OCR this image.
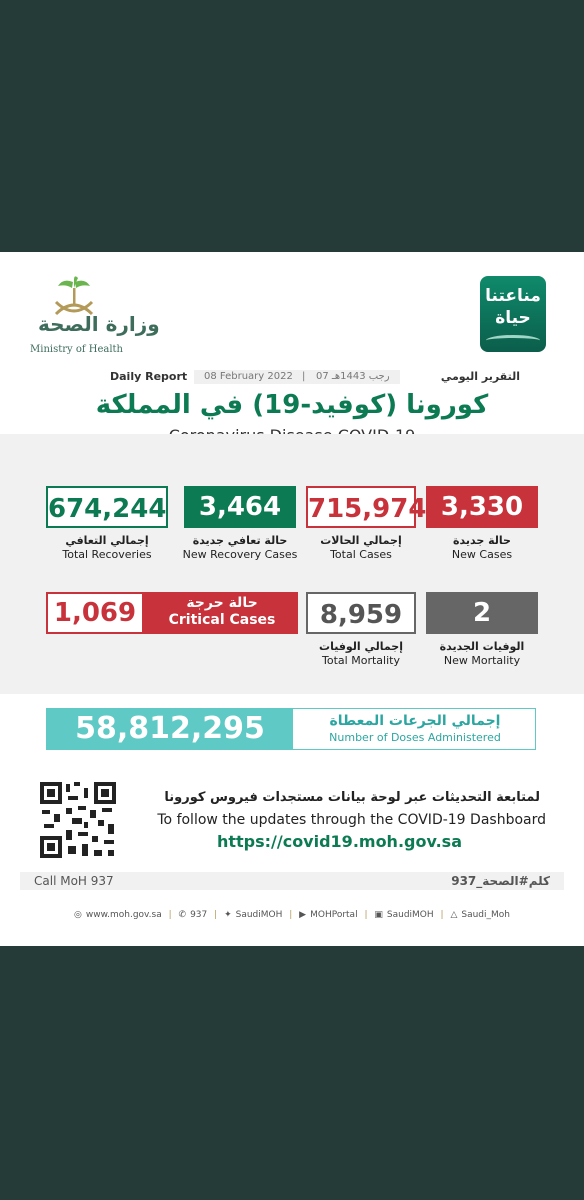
وزارة الصحة
Ministry of Health
مناعتنا
حياة
Daily Report 08 February 2022 | 07 رجب 1443هـ	التقرير اليومي
كورونا (كوفيد-19) في المملكة
3,330
حالة جديدة
New Cases
715,974
إجمالي الحالات
Total Cases
3,464
حالة تعافي جديدة
New Recovery Cases
674,244
إجمالي التعافي
Total Recoveries
2
الوفيات الجديدة
New Mortality
8,959
إجمالي الوفيات
Total Mortality
1,069	حالة حرجة
Critical Cases
58,812,295	إجمالي الجرعات المعطاة
Number of Doses Administered
لمتابعة التحديثات عبر لوحة بيانات مستجدات فيروس كورونا
To follow the updates through the COVID-19 Dashboard
https://covid19.moh.gov.sa
Call MoH 937	كلم#الصحة_937
◎ www.moh.gov.sa | ✆ 937 | ✦ SaudiMOH | ▶ MOHPortal | ▣ SaudiMOH | △ Saudi_Moh
